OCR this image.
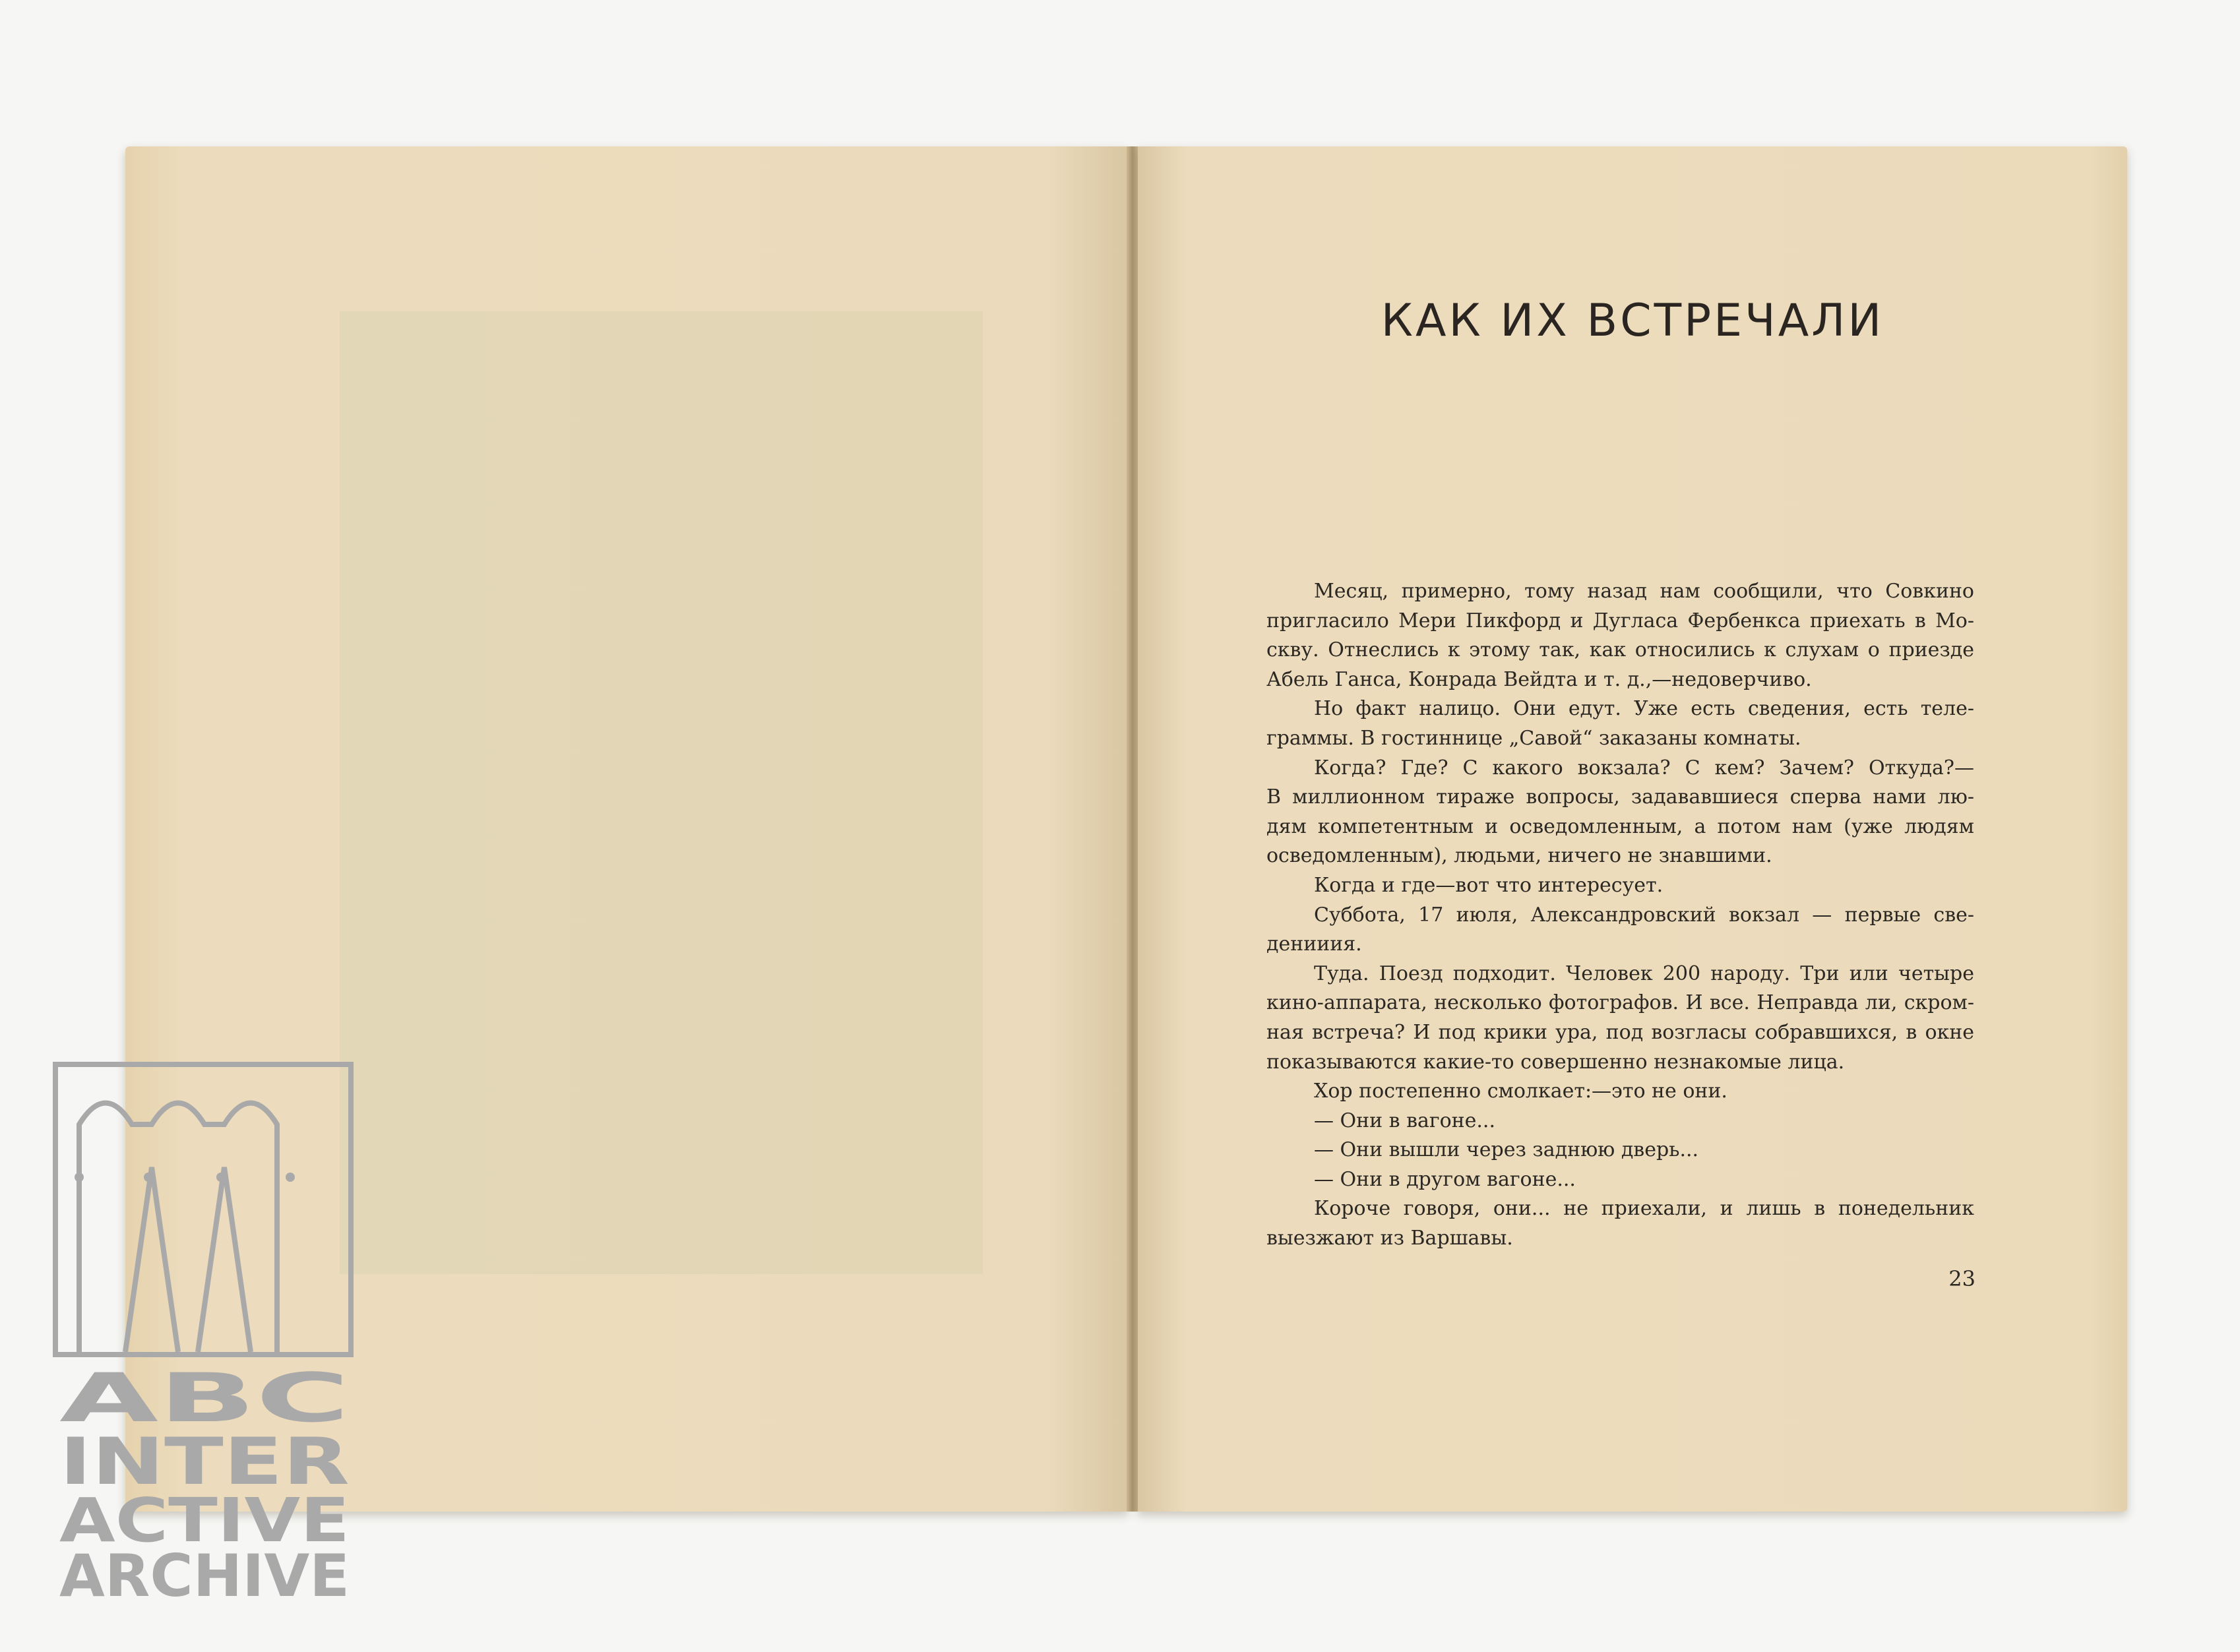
КАК ИХ ВСТРЕЧАЛИ
Месяц, примерно, тому назад нам сообщили, что Совкино
пригласило Мери Пикфорд и Дугласа Фербенкса приехать в Мо-
скву. Отнеслись к этому так, как относились к слухам о приезде
Абель Ганса, Конрада Вейдта и т. д.,—недоверчиво.
Но факт налицо. Они едут. Уже есть сведения, есть теле-
граммы. В гостиннице „Савой“ заказаны комнаты.
Когда? Где? С какого вокзала? С кем? Зачем? Откуда?—
В миллионном тираже вопросы, задававшиеся сперва нами лю-
дям компетентным и осведомленным, а потом нам (уже людям
осведомленным), людьми, ничего не знавшими.
Когда и где—вот что интересует.
Суббота, 17 июля, Александровский вокзал — первые све-
денииия.
Туда. Поезд подходит. Человек 200 народу. Три или четыре
кино-аппарата, несколько фотографов. И все. Неправда ли, скром-
ная встреча? И под крики ура, под возгласы собравшихся, в окне
показываются какие-то совершенно незнакомые лица.
Хор постепенно смолкает:—это не они.
— Они в вагоне...
— Они вышли через заднюю дверь...
— Они в другом вагоне...
Короче говоря, они... не приехали, и лишь в понедельник
выезжают из Варшавы.
23
ABC
INTER
ACTIVE
ARCHIVE
